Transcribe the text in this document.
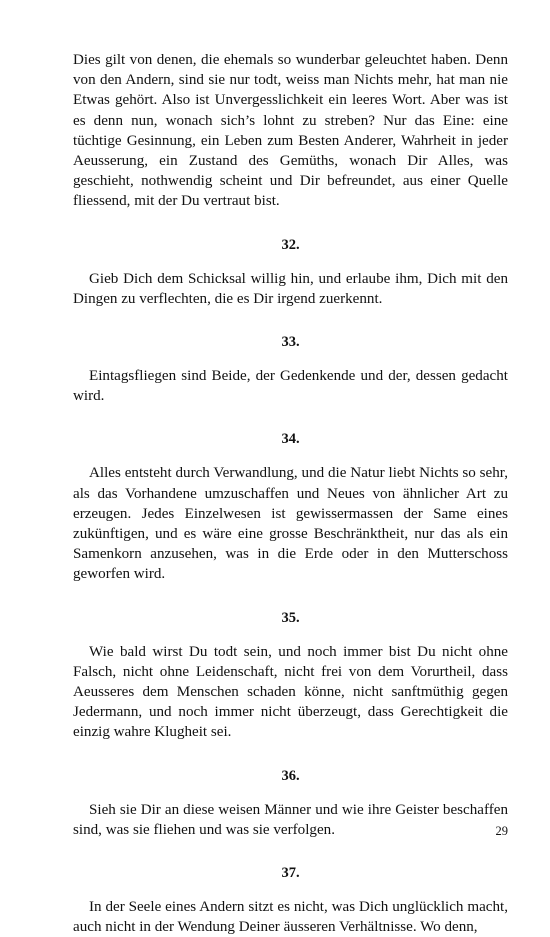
Dies gilt von denen, die ehemals so wunderbar geleuchtet haben. Denn von den Andern, sind sie nur todt, weiss man Nichts mehr, hat man nie Etwas gehört. Also ist Unvergesslichkeit ein leeres Wort. Aber was ist es denn nun, wonach sich’s lohnt zu streben? Nur das Eine: eine tüchtige Gesinnung, ein Leben zum Besten Anderer, Wahrheit in jeder Aeusserung, ein Zustand des Gemüths, wonach Dir Alles, was geschieht, nothwendig scheint und Dir befreundet, aus einer Quelle fliessend, mit der Du vertraut bist.

32.

Gieb Dich dem Schicksal willig hin, und erlaube ihm, Dich mit den Dingen zu verflechten, die es Dir irgend zuerkennt.

33.

Eintagsfliegen sind Beide, der Gedenkende und der, dessen gedacht wird.

34.

Alles entsteht durch Verwandlung, und die Natur liebt Nichts so sehr, als das Vorhandene umzuschaffen und Neues von ähnlicher Art zu erzeugen. Jedes Einzelwesen ist gewissermassen der Same eines zukünftigen, und es wäre eine grosse Beschränktheit, nur das als ein Samenkorn anzusehen, was in die Erde oder in den Mutterschoss geworfen wird.

35.

Wie bald wirst Du todt sein, und noch immer bist Du nicht ohne Falsch, nicht ohne Leidenschaft, nicht frei von dem Vorurtheil, dass Aeusseres dem Menschen schaden könne, nicht sanftmüthig gegen Jedermann, und noch immer nicht überzeugt, dass Gerechtigkeit die einzig wahre Klugheit sei.

36.

Sieh sie Dir an diese weisen Männer und wie ihre Geister beschaffen sind, was sie fliehen und was sie verfolgen.

37.

In der Seele eines Andern sitzt es nicht, was Dich unglücklich macht, auch nicht in der Wendung Deiner äusseren Verhältnisse. Wo denn,

29
